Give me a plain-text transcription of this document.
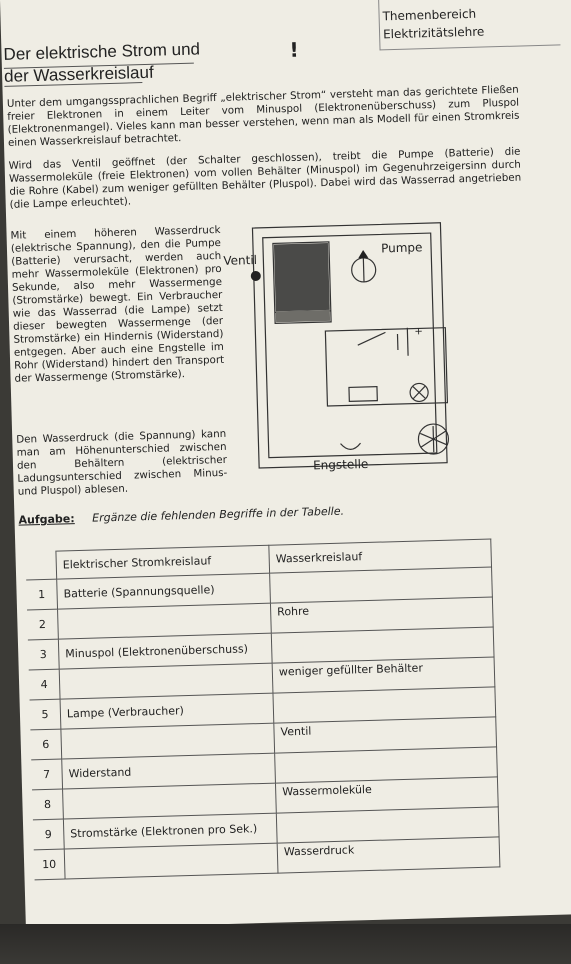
Themenbereich
Elektrizitätslehre
Der elektrische Strom und
der Wasserkreislauf
!

Unter dem umgangssprachlichen Begriff „elektrischer Strom“ versteht man das gerichtete Fließen freier Elektronen in einem Leiter vom Minuspol (Elektronenüberschuss) zum Pluspol (Elektronenmangel). Vieles kann man besser verstehen, wenn man als Modell für einen Stromkreis einen Wasserkreislauf betrachtet.

Wird das Ventil geöffnet (der Schalter geschlossen), treibt die Pumpe (Batterie) die Wassermoleküle (freie Elektronen) vom vollen Behälter (Minuspol) im Gegenuhrzeigersinn durch die Rohre (Kabel) zum weniger gefüllten Behälter (Pluspol). Dabei wird das Wasserrad angetrieben (die Lampe erleuchtet).

Mit einem höheren Wasserdruck (elektrische Spannung), den die Pumpe (Batterie) verursacht, werden auch mehr Wassermoleküle (Elektronen) pro Sekunde, also mehr Wassermenge (Stromstärke) bewegt. Ein Verbraucher wie das Wasserrad (die Lampe) setzt dieser bewegten Wassermenge (der Stromstärke) ein Hindernis (Widerstand) entgegen. Aber auch eine Engstelle im Rohr (Widerstand) hindert den Transport der Wassermenge (Stromstärke).

Den Wasserdruck (die Spannung) kann man am Höhenunterschied zwischen den Behältern (elektrischer Ladungsunterschied zwischen Minus- und Pluspol) ablesen.

Ventil
Pumpe
Engstelle
+
Aufgabe: Ergänze die fehlenden Begriffe in der Tabelle.
	Elektrischer Stromkreislauf	Wasserkreislauf
1	Batterie (Spannungsquelle)	
2		Rohre
3	Minuspol (Elektronenüberschuss)	
4		weniger gefüllter Behälter
5	Lampe (Verbraucher)	
6		Ventil
7	Widerstand	
8		Wassermoleküle
9	Stromstärke (Elektronen pro Sek.)	
10		Wasserdruck
